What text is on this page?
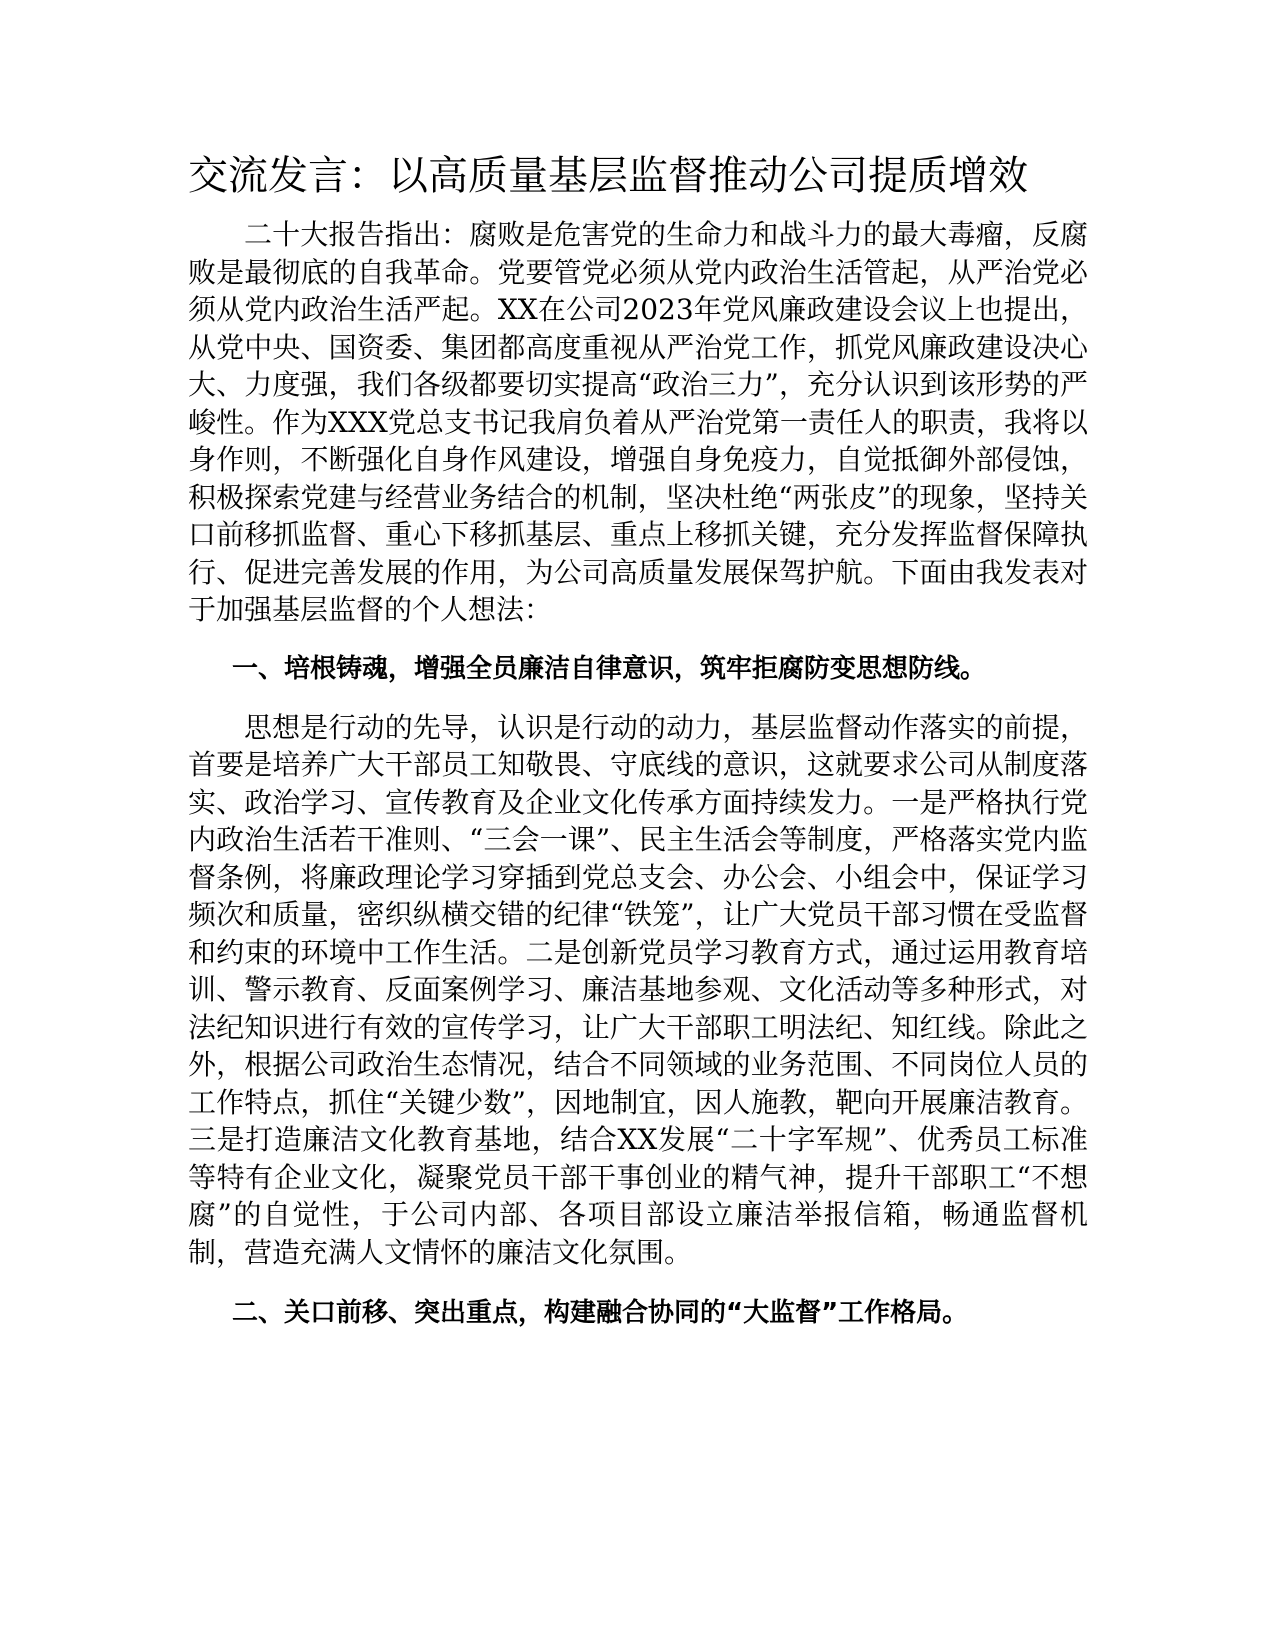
交流发言：以高质量基层监督推动公司提质增效

二十大报告指出：腐败是危害党的生命力和战斗力的最大毒瘤，反腐败是最彻底的自我革命。党要管党必须从党内政治生活管起，从严治党必须从党内政治生活严起。XX在公司2023年党风廉政建设会议上也提出，从党中央、国资委、集团都高度重视从严治党工作，抓党风廉政建设决心大、力度强，我们各级都要切实提高“政治三力”，充分认识到该形势的严峻性。作为XXX党总支书记我肩负着从严治党第一责任人的职责，我将以身作则，不断强化自身作风建设，增强自身免疫力，自觉抵御外部侵蚀，积极探索党建与经营业务结合的机制，坚决杜绝“两张皮”的现象，坚持关口前移抓监督、重心下移抓基层、重点上移抓关键，充分发挥监督保障执行、促进完善发展的作用，为公司高质量发展保驾护航。下面由我发表对于加强基层监督的个人想法：

一、培根铸魂，增强全员廉洁自律意识，筑牢拒腐防变思想防线。

思想是行动的先导，认识是行动的动力，基层监督动作落实的前提，首要是培养广大干部员工知敬畏、守底线的意识，这就要求公司从制度落实、政治学习、宣传教育及企业文化传承方面持续发力。一是严格执行党内政治生活若干准则、“三会一课”、民主生活会等制度，严格落实党内监督条例，将廉政理论学习穿插到党总支会、办公会、小组会中，保证学习频次和质量，密织纵横交错的纪律“铁笼”，让广大党员干部习惯在受监督和约束的环境中工作生活。二是创新党员学习教育方式，通过运用教育培训、警示教育、反面案例学习、廉洁基地参观、文化活动等多种形式，对法纪知识进行有效的宣传学习，让广大干部职工明法纪、知红线。除此之外，根据公司政治生态情况，结合不同领域的业务范围、不同岗位人员的工作特点，抓住“关键少数”，因地制宜，因人施教，靶向开展廉洁教育。三是打造廉洁文化教育基地，结合XX发展“二十字军规”、优秀员工标准等特有企业文化，凝聚党员干部干事创业的精气神，提升干部职工“不想腐”的自觉性，于公司内部、各项目部设立廉洁举报信箱，畅通监督机制，营造充满人文情怀的廉洁文化氛围。

二、关口前移、突出重点，构建融合协同的“大监督”工作格局。
